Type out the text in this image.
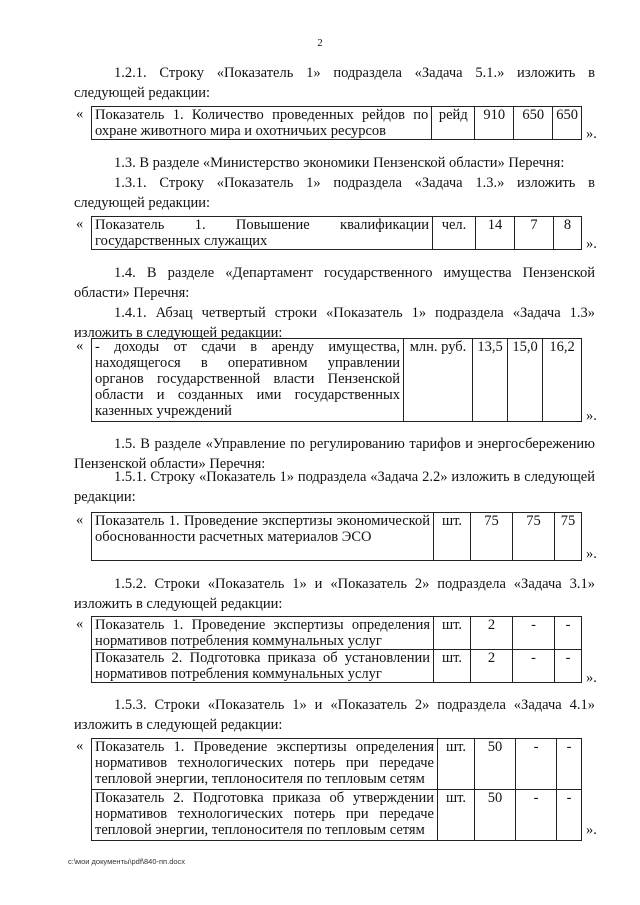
2
1.2.1. Строку «Показатель 1» подраздела «Задача 5.1.» изложить в следующей редакции:
« Показатель 1. Количество проведенных рейдов по охране животного мира и охотничьих ресурсов	рейд	910	650	650
».
1.3. В разделе «Министерство экономики Пензенской области» Перечня:
1.3.1. Строку «Показатель 1» подраздела «Задача 1.3.» изложить в следующей редакции:
« Показатель 1. Повышение квалификации государственных служащих	чел.	14	7	8
».
1.4. В разделе «Департамент государственного имущества Пензенской области» Перечня:
1.4.1. Абзац четвертый строки «Показатель 1» подраздела «Задача 1.3» изложить в следующей редакции:
« - доходы от сдачи в аренду имущества, находящегося в оперативном управлении органов государственной власти Пензенской области и созданных ими государственных казенных учреждений	млн. руб.	13,5	15,0	16,2
».
1.5. В разделе «Управление по регулированию тарифов и энергосбережению Пензенской области» Перечня:
1.5.1. Строку «Показатель 1» подраздела «Задача 2.2» изложить в следующей редакции:
« Показатель 1. Проведение экспертизы экономической обоснованности расчетных материалов ЭСО	шт.	75	75	75
».
1.5.2. Строки «Показатель 1» и «Показатель 2» подраздела «Задача 3.1» изложить в следующей редакции:
« Показатель 1. Проведение экспертизы определения нормативов потребления коммунальных услуг	шт.	2	-	-
Показатель 2. Подготовка приказа об установлении нормативов потребления коммунальных услуг	шт.	2	-	-
».
1.5.3. Строки «Показатель 1» и «Показатель 2» подраздела «Задача 4.1» изложить в следующей редакции:
« Показатель 1. Проведение экспертизы определения нормативов технологических потерь при передаче тепловой энергии, теплоносителя по тепловым сетям	шт.	50	-	-
Показатель 2. Подготовка приказа об утверждении нормативов технологических потерь при передаче тепловой энергии, теплоносителя по тепловым сетям	шт.	50	-	-
».
c:\мои документы\pdf\840-пп.docx
